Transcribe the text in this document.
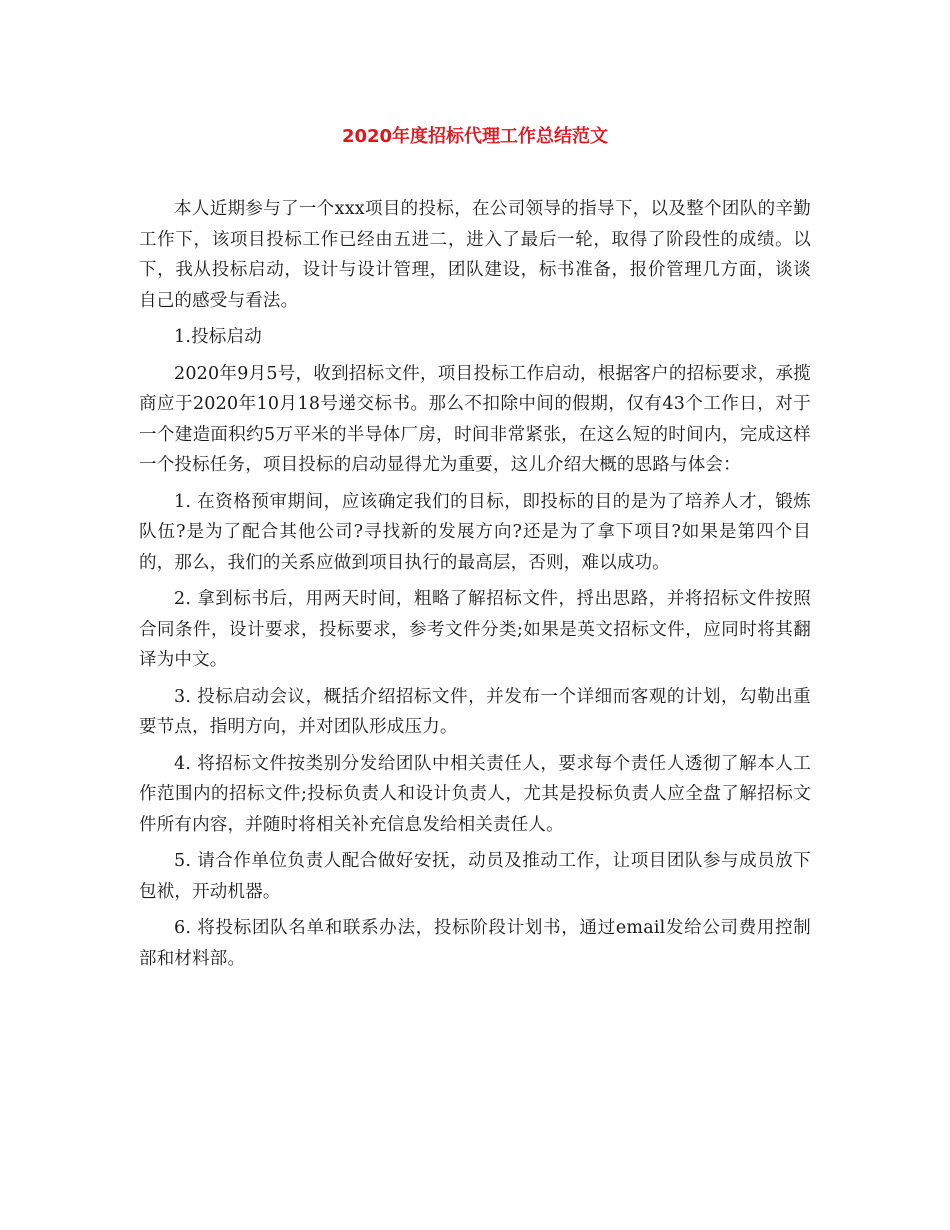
2020年度招标代理工作总结范文

本人近期参与了一个xxx项目的投标，在公司领导的指导下，以及整个团队的辛勤工作下，该项目投标工作已经由五进二，进入了最后一轮，取得了阶段性的成绩。以下，我从投标启动，设计与设计管理，团队建设，标书准备，报价管理几方面，谈谈自己的感受与看法。

1.投标启动

2020年9月5号，收到招标文件，项目投标工作启动，根据客户的招标要求，承揽商应于2020年10月18号递交标书。那么不扣除中间的假期，仅有43个工作日，对于一个建造面积约5万平米的半导体厂房，时间非常紧张，在这么短的时间内，完成这样一个投标任务，项目投标的启动显得尤为重要，这儿介绍大概的思路与体会：

1. 在资格预审期间，应该确定我们的目标，即投标的目的是为了培养人才，锻炼队伍?是为了配合其他公司?寻找新的发展方向?还是为了拿下项目?如果是第四个目的，那么，我们的关系应做到项目执行的最高层，否则，难以成功。

2. 拿到标书后，用两天时间，粗略了解招标文件，捋出思路，并将招标文件按照合同条件，设计要求，投标要求，参考文件分类;如果是英文招标文件，应同时将其翻译为中文。

3. 投标启动会议，概括介绍招标文件，并发布一个详细而客观的计划，勾勒出重要节点，指明方向，并对团队形成压力。

4. 将招标文件按类别分发给团队中相关责任人，要求每个责任人透彻了解本人工作范围内的招标文件;投标负责人和设计负责人，尤其是投标负责人应全盘了解招标文件所有内容，并随时将相关补充信息发给相关责任人。

5. 请合作单位负责人配合做好安抚，动员及推动工作，让项目团队参与成员放下包袱，开动机器。

6. 将投标团队名单和联系办法，投标阶段计划书，通过email发给公司费用控制部和材料部。
